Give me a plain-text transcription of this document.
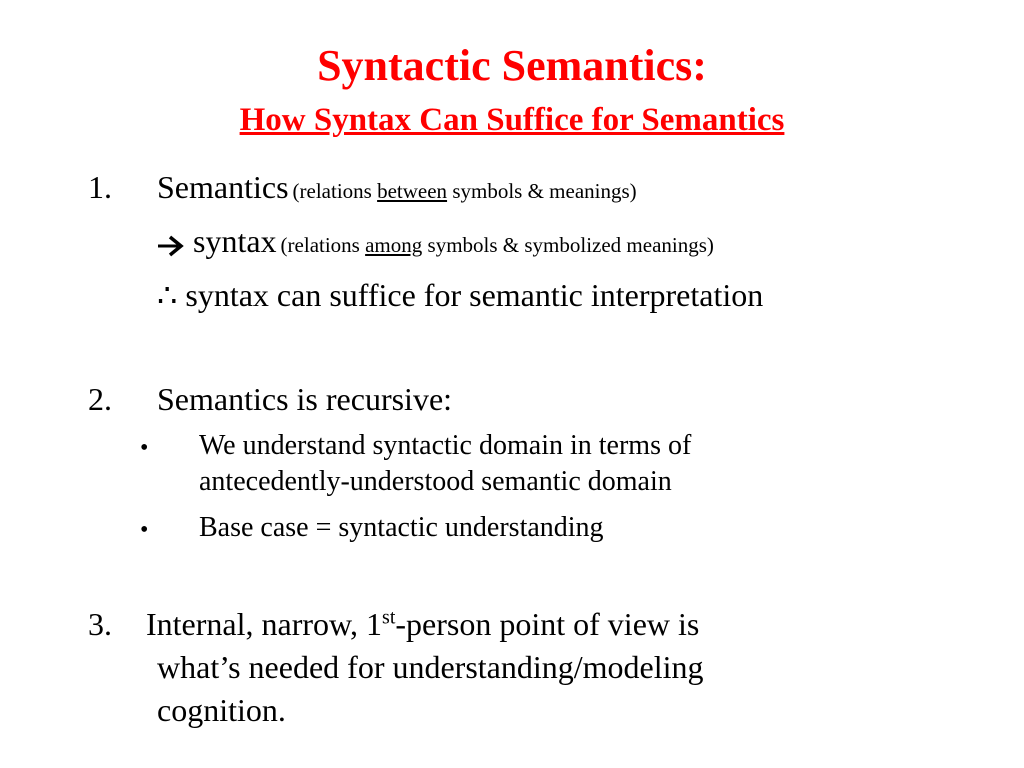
Syntactic Semantics:
How Syntax Can Suffice for Semantics
1. Semantics (relations between symbols & meanings)
syntax (relations among symbols & symbolized meanings)
∴ syntax can suffice for semantic interpretation
2. Semantics is recursive:
• We understand syntactic domain in terms of
antecedently-understood semantic domain
• Base case = syntactic understanding
3. Internal, narrow, 1st-person point of view is
what’s needed for understanding/modeling
cognition.
